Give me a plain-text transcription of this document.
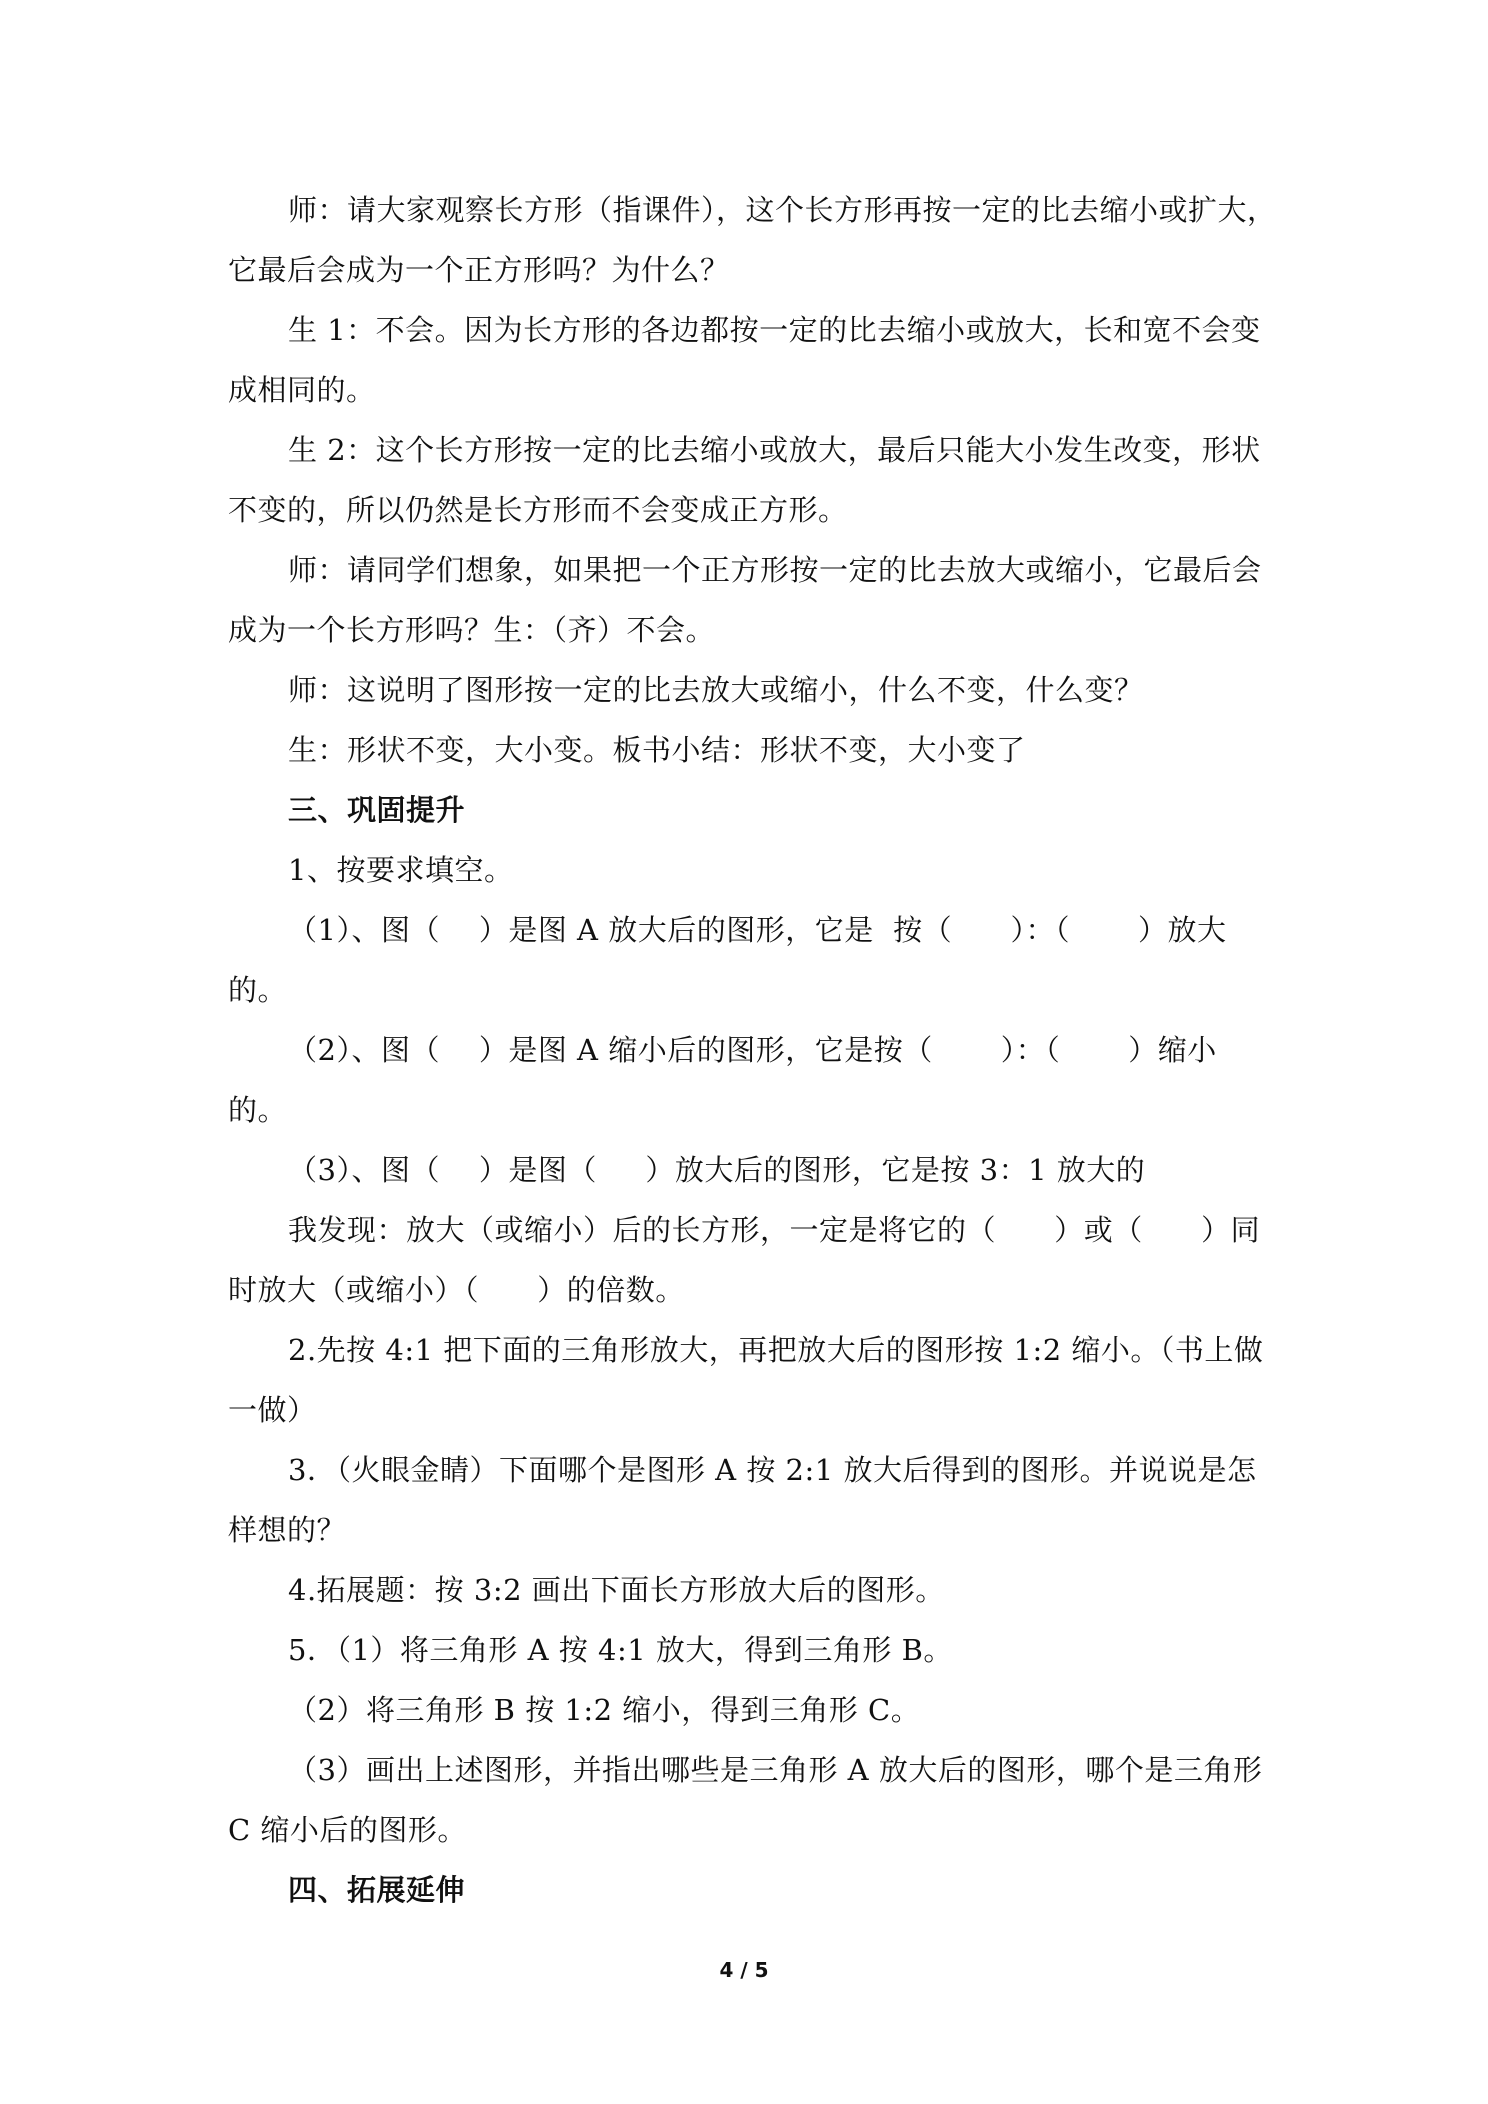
师：请大家观察长方形（指课件），这个长方形再按一定的比去缩小或扩大，
它最后会成为一个正方形吗？为什么？
生 1：不会。因为长方形的各边都按一定的比去缩小或放大，长和宽不会变
成相同的。
生 2：这个长方形按一定的比去缩小或放大，最后只能大小发生改变，形状
不变的，所以仍然是长方形而不会变成正方形。
师：请同学们想象，如果把一个正方形按一定的比去放大或缩小，它最后会
成为一个长方形吗？生：（齐）不会。
师：这说明了图形按一定的比去放大或缩小，什么不变，什么变？
生：形状不变，大小变。板书小结：形状不变，大小变了
三、巩固提升
1、按要求填空。
（1）、图（    ）是图 A 放大后的图形，它是  按（      ）：（       ）放大
的。
（2）、图（    ）是图 A 缩小后的图形，它是按（       ）：（       ）缩小
的。
（3）、图（    ）是图（     ）放大后的图形，它是按 3：1 放大的
我发现：放大（或缩小）后的长方形，一定是将它的（      ）或（      ）同
时放大（或缩小）（      ）的倍数。
2.先按 4:1 把下面的三角形放大，再把放大后的图形按 1:2 缩小。（书上做
一做）
3．（火眼金睛）下面哪个是图形 A 按 2:1 放大后得到的图形。并说说是怎
样想的？
4.拓展题：按 3:2 画出下面长方形放大后的图形。
5．（1）将三角形 A 按 4:1 放大，得到三角形 B。
（2）将三角形 B 按 1:2 缩小，得到三角形 C。
（3）画出上述图形，并指出哪些是三角形 A 放大后的图形，哪个是三角形
C 缩小后的图形。
四、拓展延伸
4 / 5
